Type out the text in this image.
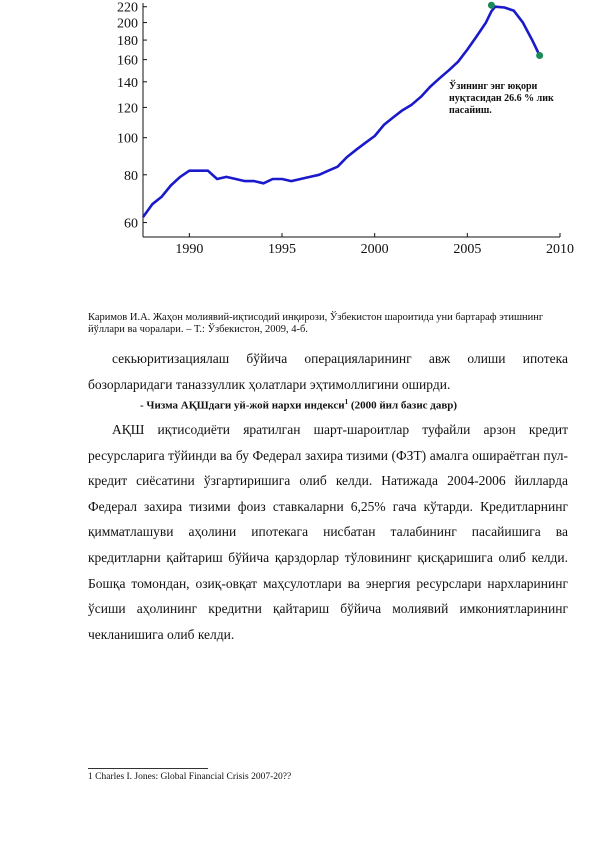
60
80
100
120
140
160
180
200
220
1990	1995	2000	2005	2010
Ўзининг энг юқори
нуқтасидан 26.6 % лик
пасайиш.
Каримов И.А. Жаҳон молиявий-иқтисодий инқирози, Ўзбекистон шароитида уни бартараф этишнинг йўллари ва чоралари. – Т.: Ўзбекистон, 2009, 4-б.
секьюритизациялаш бўйича операцияларининг авж олиши ипотека бозорларидаги таназзуллик ҳолатлари эҳтимоллигини оширди.
- Чизма АҚШдаги уй-жой нархи индекси$^1$ (2000 йил базис давр)
АҚШ иқтисодиёти яратилган шарт-шароитлар туфайли арзон кредит ресурсларига тўйинди ва бу Федерал захира тизими (ФЗТ) амалга ошираётган пул-кредит сиёсатини ўзгартиришига олиб келди. Натижада 2004-2006 йилларда Федерал захира тизими фоиз ставкаларни 6,25% гача кўтарди. Кредитларнинг қимматлашуви аҳолини ипотекага нисбатан талабининг пасайишига ва кредитларни қайтариш бўйича қарздорлар тўловининг қисқаришига олиб келди. Бошқа томондан, озиқ-овқат маҳсулотлари ва энергия ресурслари нархларининг ўсиши аҳолининг кредитни қайтариш бўйича молиявий имкониятларининг чекланишига олиб келди.
1 Charles I. Jones: Global Financial Crisis 2007-20??
